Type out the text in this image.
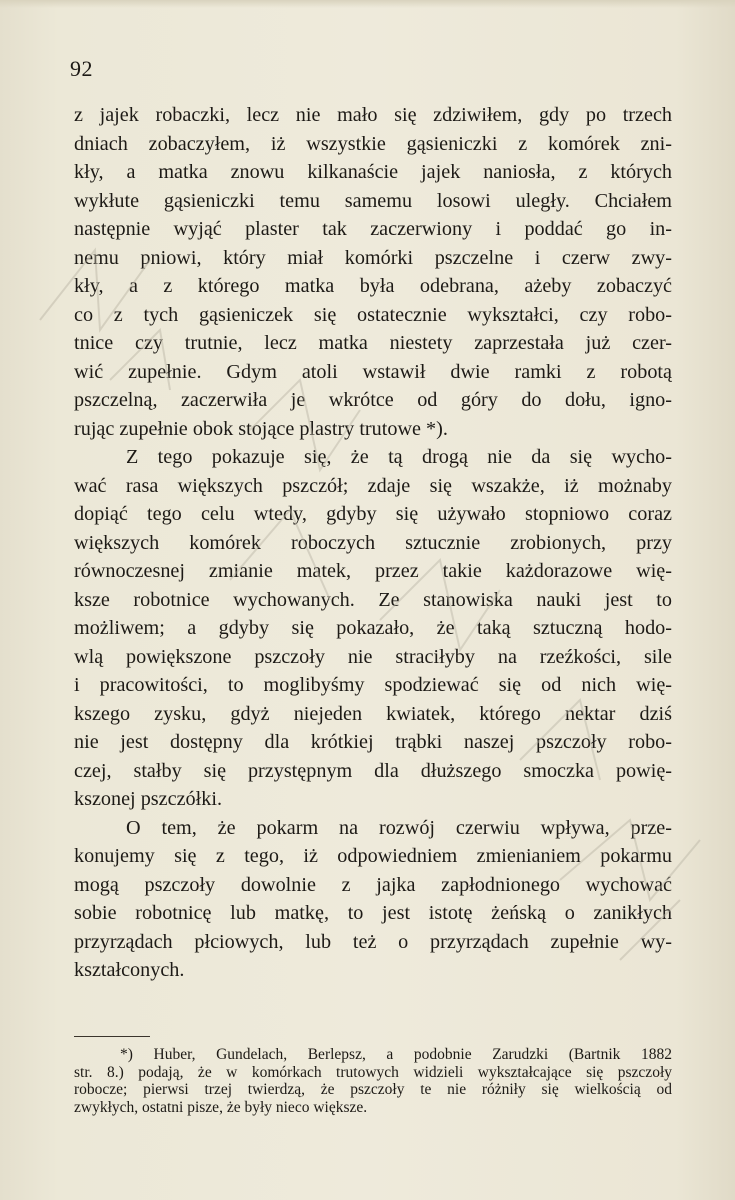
92
z jajek robaczki, lecz nie mało się zdziwiłem, gdy po trzech
dniach zobaczyłem, iż wszystkie gąsieniczki z komórek zni-
kły, a matka znowu kilkanaście jajek naniosła, z których
wykłute gąsieniczki temu samemu losowi uległy. Chciałem
następnie wyjąć plaster tak zaczerwiony i poddać go in-
nemu pniowi, który miał komórki pszczelne i czerw zwy-
kły, a z którego matka była odebrana, ażeby zobaczyć
co z tych gąsieniczek się ostatecznie wykształci, czy robo-
tnice czy trutnie, lecz matka niestety zaprzestała już czer-
wić zupełnie. Gdym atoli wstawił dwie ramki z robotą
pszczelną, zaczerwiła je wkrótce od góry do dołu, igno-
rując zupełnie obok stojące plastry trutowe *).
Z tego pokazuje się, że tą drogą nie da się wycho-
wać rasa większych pszczół; zdaje się wszakże, iż możnaby
dopiąć tego celu wtedy, gdyby się używało stopniowo coraz
większych komórek roboczych sztucznie zrobionych, przy
równoczesnej zmianie matek, przez takie każdorazowe wię-
ksze robotnice wychowanych. Ze stanowiska nauki jest to
możliwem; a gdyby się pokazało, że taką sztuczną hodo-
wlą powiększone pszczoły nie straciłyby na rzeźkości, sile
i pracowitości, to moglibyśmy spodziewać się od nich wię-
kszego zysku, gdyż niejeden kwiatek, którego nektar dziś
nie jest dostępny dla krótkiej trąbki naszej pszczoły robo-
czej, stałby się przystępnym dla dłuższego smoczka powię-
kszonej pszczółki.
O tem, że pokarm na rozwój czerwiu wpływa, prze-
konujemy się z tego, iż odpowiedniem zmienianiem pokarmu
mogą pszczoły dowolnie z jajka zapłodnionego wychować
sobie robotnicę lub matkę, to jest istotę żeńską o zanikłych
przyrządach płciowych, lub też o przyrządach zupełnie wy-
kształconych.
*) Huber, Gundelach, Berlepsz, a podobnie Zarudzki (Bartnik 1882
str. 8.) podają, że w komórkach trutowych widzieli wykształcające się pszczoły
robocze; pierwsi trzej twierdzą, że pszczoły te nie różniły się wielkością od
zwykłych, ostatni pisze, że były nieco większe.
